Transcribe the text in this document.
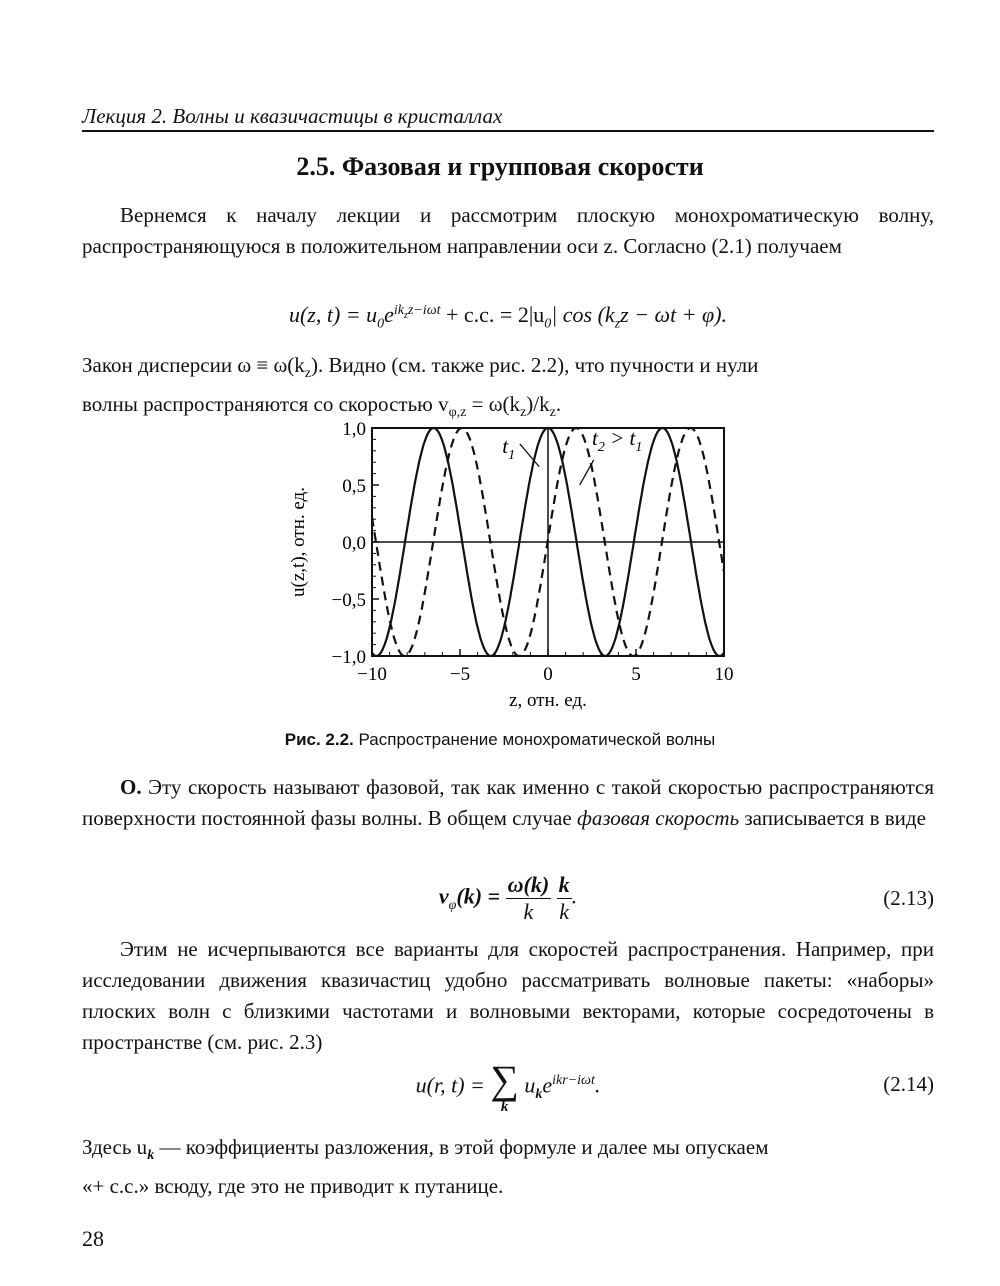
Лекция 2. Волны и квазичастицы в кристаллах
2.5. Фазовая и групповая скорости

Вернемся к началу лекции и рассмотрим плоскую монохроматическую волну, распространяющуюся в положительном направлении оси z. Согласно (2.1) получаем

u(z, $t) = u_0e^{ik_zz-i\omega t} + c.c$. = $2|u_0|$ $\cos (k_zz - \omega t + \varphi)$.

Закон дисперсии $\omega \equiv \omega(k_z)$. Видно (см. также рис. 2.2), что пучности и нули

волны распространяются со скоростью $v_{\varphi,z} = \omega(k_z)/k_z$.

1,0
0,5
0,0
−0,5
−1,0
−10	−5	0	5	10
$t_1$
$t_2 > t_1$
z, отн. ед.
u(z,t), отн. ед.
Рис. 2.2. Распространение монохроматической волны

О. Эту скорость называют фазовой, так как именно с такой скоростью распространяются поверхности постоянной фазы волны. В общем случае фазовая скорость записывается в виде

$v_\varphi(k) = \frac{\omega(k)}{k}$
$\frac{k}{k}$ .	(2.13)

Этим не исчерпываются все варианты для скоростей распространения. Например, при исследовании движения квазичастиц удобно рассматривать волновые пакеты: «наборы» плоских волн с близкими частотами и волновыми векторами, которые сосредоточены в пространстве (см. рис. 2.3)

u(r, t) = ∑
k
$u_ke^{ikr-i\omega t}$.	(2.14)

Здесь $u_k$ — коэффициенты разложения, в этой формуле и далее мы опускаем

«+ c.c.» всюду, где это не приводит к путанице.

28
